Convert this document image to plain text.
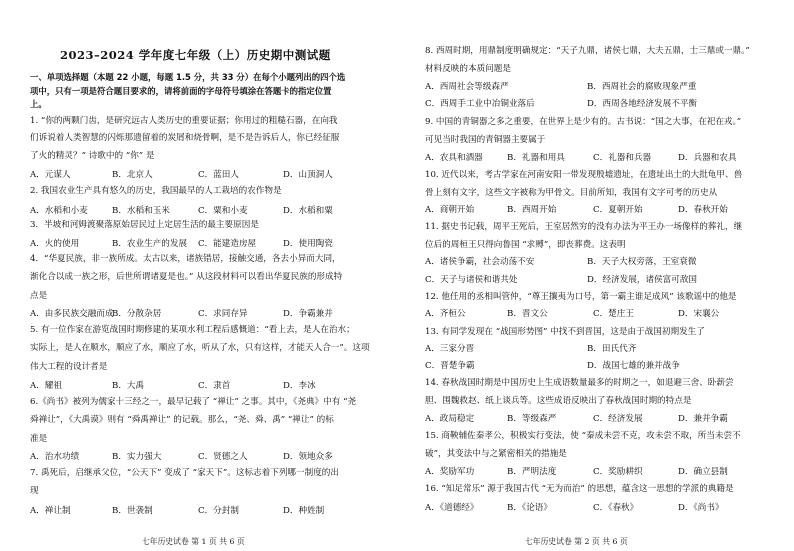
2023–2024 学年度七年级（上）历史期中测试题
一、单项选择题（本题 22 小题，每题 1.5 分，共 33 分）在每个小题列出的四个选
项中，只有一项是符合题目要求的，请将前面的字母符号填涂在答题卡的指定位置
上。
1. “你的两颗门齿，是研究远古人类历史的重要证据；你用过的粗糙石器，在向我
们诉说着人类智慧的闪烁那遗留着的炭屑和烧骨啊，是不是告诉后人，你已经征服
了火的精灵？” 诗歌中的 “你” 是
A．元谋人	B．北京人	C．蓝田人	D．山顶洞人
2. 我国农业生产具有悠久的历史，我国最早的人工栽培的农作物是
A．水稻和小麦	B．水稻和玉米	C．粟和小麦	D．水稻和粟
3．半坡和河姆渡聚落原始居民过上定居生活的最主要原因是
A．火的使用	B．农业生产的发展 C．能建造房屋	D．使用陶瓷
4．“华夏民族，非一族所成。太古以来，诸族错居，接触交通，各去小异而大同，
渐化合以成一族之形，后世所谓诸夏是也。” 从这段材料可以看出华夏民族的形成特
点是
A．由多民族交融而成
B．分散杂居	C．求同存异	D．争霸兼并
5. 有一位作家在游览战国时期修建的某项水利工程后感慨道：“看上去，是人在治水；
实际上，是人在顺水，顺应了水，顺应了水，听从了水，只有这样，才能天人合一”。这项
伟大工程的设计者是
A．耀祖	B．大禹	C．隶首	D．李冰
6.《尚书》被列为儒家十三经之一，最早记载了 “禅让” 之事。其中，《尧典》中有 “尧
舜禅让”，《大禹谟》则有 “舜禹禅让” 的记载。那么，“尧、舜、禹” “禅让” 的标
准是
A．治水功绩	B．实力强大	C．贤德之人	D．领地众多
7. 禹死后，启继承父位，“公天下” 变成了 “家天下”。这标志着下列哪一制度的出
现
A．禅让制	B．世袭制	C．分封制	D．种姓制
七年历史试卷 第 1 页 共 6 页
8. 西周时期，用鼎制度明确规定：“天子九鼎，诸侯七鼎，大夫五鼎，士三鼎或一鼎。”
材料反映的本质问题是
A．西周社会等级森严	B．西周社会的腐败现象严重
C．西周手工业中冶铜业落后	D．西周各地经济发展不平衡
9. 中国的青铜器之多之重要，在世界上是少有的。古书说：“国之大事，在祀在戎。”
可见当时我国的青铜器主要属于
A．农具和酒器	B．礼器和用具	C．礼器和兵器	D．兵器和农具
10. 近代以来，考古学家在河南安阳一带发现殷墟遗址，在遗址出土的大批龟甲、兽
骨上刻有文字，这些文字被称为甲骨文。目前所知，我国有文字可考的历史从
A．商朝开始	B．西周开始	C．夏朝开始	D．春秋开始
11. 据史书记载，周平王死后，王室居然穷的没有办法为平王办一场像样的葬礼，继
位后的周桓王只得向鲁国 “求赙”，即丧葬费。这表明
A．诸侯争霸，社会动荡不安	B．天子大权旁落，王室衰微
C．天子与诸侯和谐共处	D．经济发展，诸侯富可敌国
12. 他任用的丞相叫管仲，“尊王攘夷为口号，第一霸主谁足成风” 该歌谣中的他是
A．齐桓公	B．晋文公	C．楚庄王	D．宋襄公
13. 有同学发现在 “战国形势图” 中找不到晋国，这是由于战国初期发生了
A．三家分晋	B．田氏代齐
C．晋楚争霸	D．战国七雄的兼并战争
14. 春秋战国时期是中国历史上生成语数量最多的时期之一，如退避三舍、卧薪尝
胆、围魏救赵、纸上谈兵等。这些成语反映出了春秋战国时期的特点是
A．政局稳定	B．等级森严	C．经济发展	D．兼并争霸
15. 商鞅辅佐秦孝公，积极实行变法，使 “秦成未尝不克，攻未尝不取，所当未尝不
破”，其变法中与之紧密相关的措施是
A．奖励军功	B．严明法度	C．奖励耕织	D．确立县制
16. “知足常乐” 源于我国古代 “无为而治” 的思想，蕴含这一思想的学派的典籍是
A．《道德经》	B．《论语》	C．《春秋》	D．《尚书》
七年历史试卷 第 2 页 共 6 页
